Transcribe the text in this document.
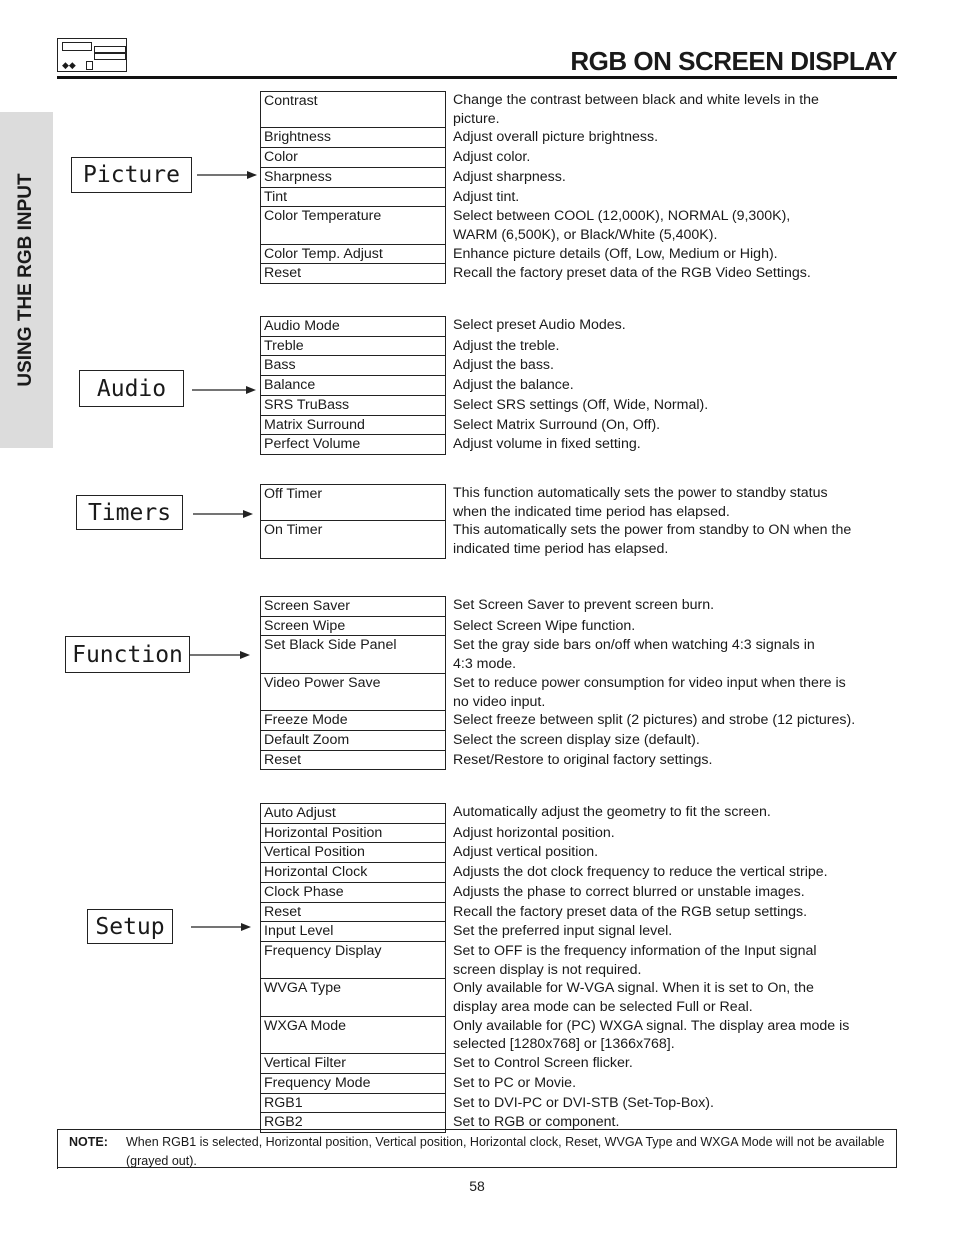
◆◆	RGB ON SCREEN DISPLAY
USING THE RGB INPUT	Picture
Contrast	Change the contrast between black and white levels in the
picture.
Brightness	Adjust overall picture brightness.
Color	Adjust color.
Sharpness	Adjust sharpness.
Tint	Adjust tint.
Color Temperature	Select between COOL (12,000K), NORMAL (9,300K),
WARM (6,500K), or Black/White (5,400K).
Color Temp. Adjust	Enhance picture details (Off, Low, Medium or High).
Reset	Recall the factory preset data of the RGB Video Settings.
Audio
Audio Mode	Select preset Audio Modes.
Treble	Adjust the treble.
Bass	Adjust the bass.
Balance	Adjust the balance.
SRS TruBass	Select SRS settings (Off, Wide, Normal).
Matrix Surround	Select Matrix Surround (On, Off).
Perfect Volume	Adjust volume in fixed setting.
Timers
Off Timer	This function automatically sets the power to standby status
when the indicated time period has elapsed.
On Timer	This automatically sets the power from standby to ON when the
indicated time period has elapsed.
Function
Screen Saver	Set Screen Saver to prevent screen burn.
Screen Wipe	Select Screen Wipe function.
Set Black Side Panel	Set the gray side bars on/off when watching 4:3 signals in
4:3 mode.
Video Power Save	Set to reduce power consumption for video input when there is
no video input.
Freeze Mode	Select freeze between split (2 pictures) and strobe (12 pictures).
Default Zoom	Select the screen display size (default).
Reset	Reset/Restore to original factory settings.
Setup
Auto Adjust	Automatically adjust the geometry to fit the screen.
Horizontal Position	Adjust horizontal position.
Vertical Position	Adjust vertical position.
Horizontal Clock	Adjusts the dot clock frequency to reduce the vertical stripe.
Clock Phase	Adjusts the phase to correct blurred or unstable images.
Reset	Recall the factory preset data of the RGB setup settings.
Input Level	Set the preferred input signal level.
Frequency Display	Set to OFF is the frequency information of the Input signal
screen display is not required.
WVGA Type	Only available for W-VGA signal. When it is set to On, the
display area mode can be selected Full or Real.
WXGA Mode	Only available for (PC) WXGA signal. The display area mode is
selected [1280x768] or [1366x768].
Vertical Filter	Set to Control Screen flicker.
Frequency Mode	Set to PC or Movie.
RGB1	Set to DVI-PC or DVI-STB (Set-Top-Box).
RGB2	Set to RGB or component.
NOTE: When RGB1 is selected, Horizontal position, Vertical position, Horizontal clock, Reset, WVGA Type and WXGA Mode will not be available (grayed out).
58
